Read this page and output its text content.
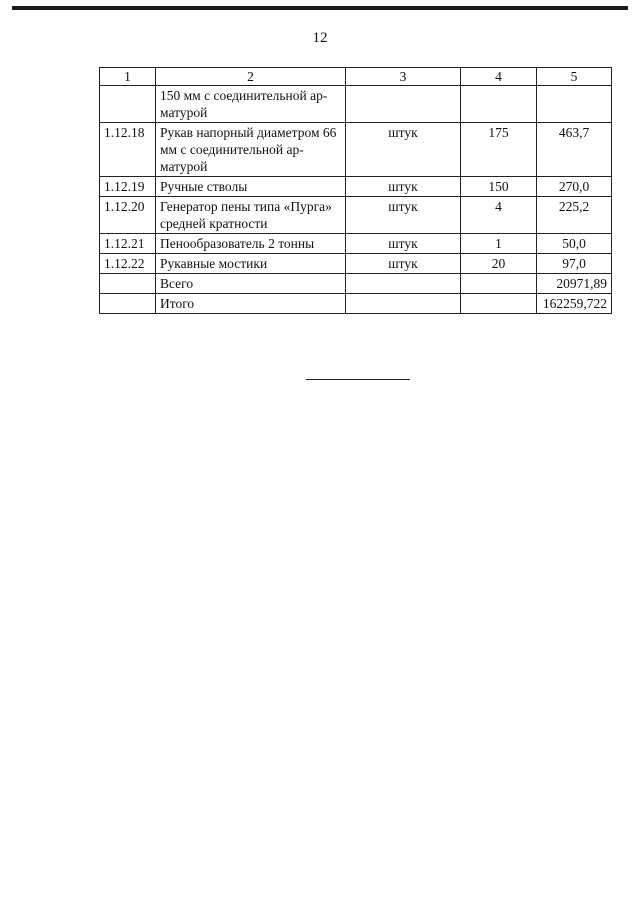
12
1	2	3	4	5
	150 мм с соединительной ар-матурой			
1.12.18	Рукав напорный диаметром 66 мм с соединительной ар-матурой	штук	175	463,7
1.12.19	Ручные стволы	штук	150	270,0
1.12.20	Генератор пены типа «Пурга» средней кратности	штук	4	225,2
1.12.21	Пенообразователь 2 тонны	штук	1	50,0
1.12.22	Рукавные мостики	штук	20	97,0
	Всего			20971,89
	Итого			162259,722
